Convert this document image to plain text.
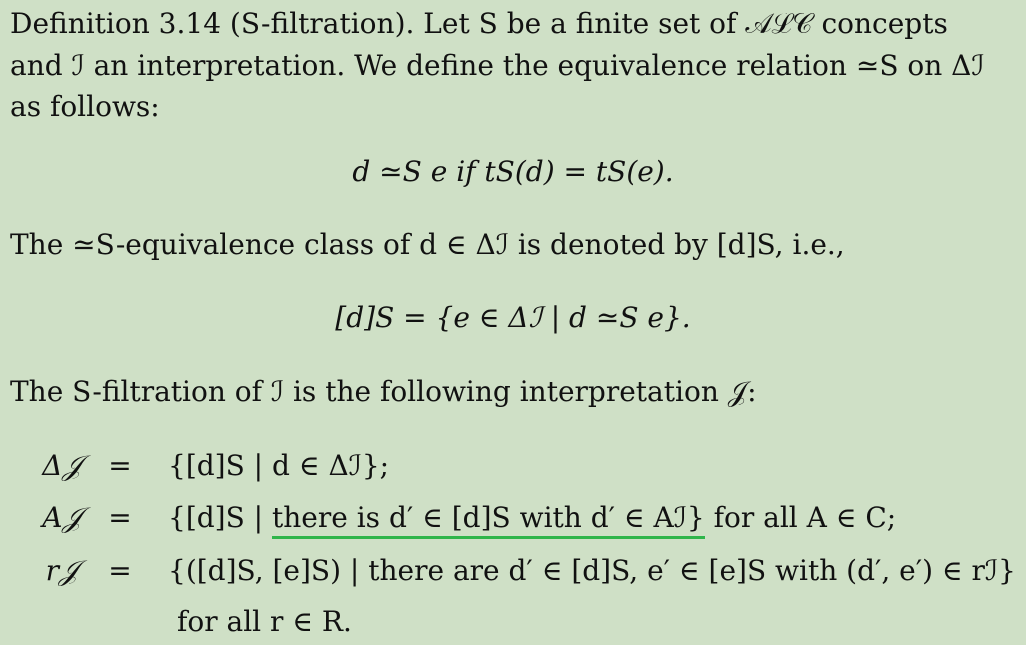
Definition 3.14 (S-filtration). Let S be a finite set of 𝒜ℒ𝒞 concepts
and ℐ an interpretation. We define the equivalence relation ≃S on Δℐ
as follows:
d ≃S e if tS(d) = tS(e).
The ≃S-equivalence class of d ∈ Δℐ is denoted by [d]S, i.e.,
[d]S = {e ∈ Δℐ | d ≃S e}.
The S-filtration of ℐ is the following interpretation 𝒥:
Δ𝒥 = {[d]S | d ∈ Δℐ};
A𝒥 = {[d]S | there is d′ ∈ [d]S with d′ ∈ Aℐ} for all A ∈ C;
r𝒥	= {([d]S, [e]S) | there are d′ ∈ [d]S, e′ ∈ [e]S with (d′, e′) ∈ rℐ}
for all r ∈ R.
